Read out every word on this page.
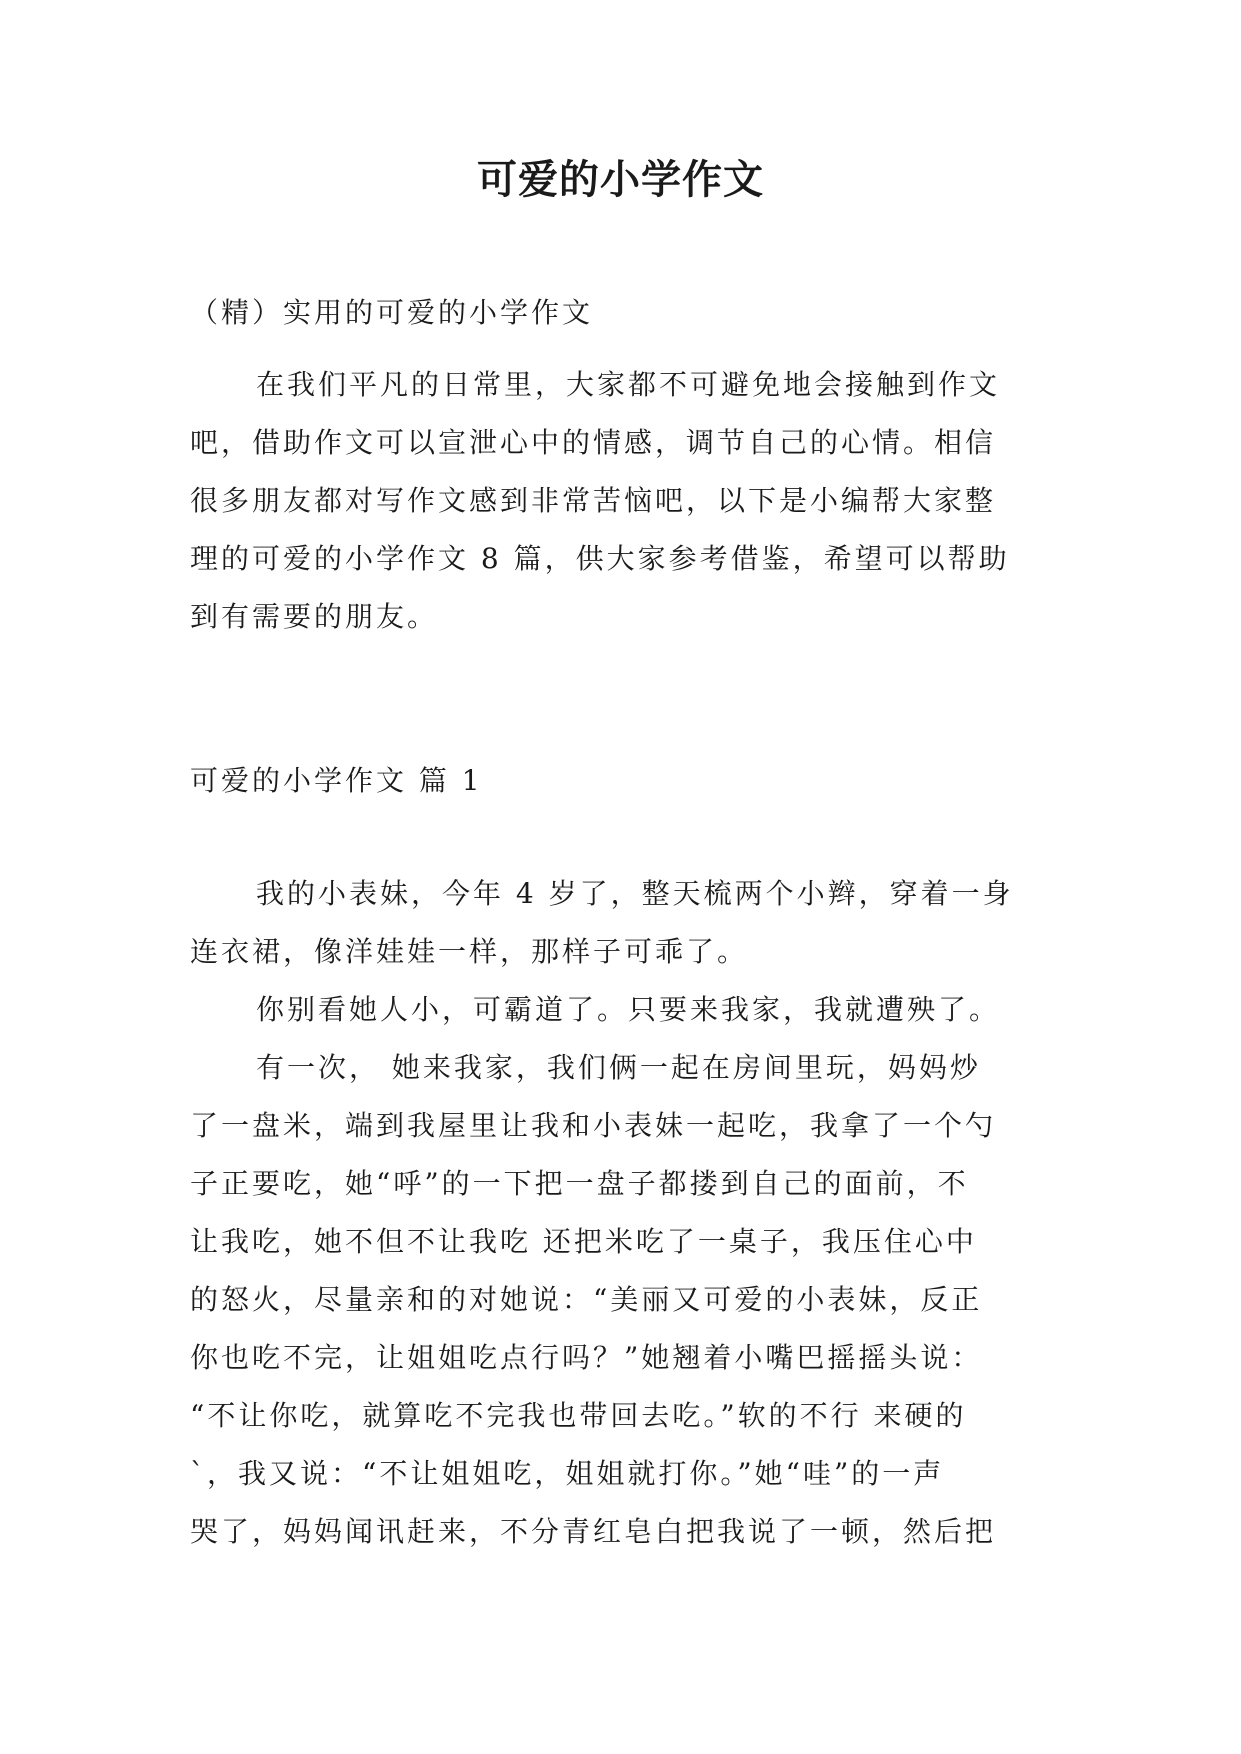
可爱的小学作文

（精）实用的可爱的小学作文

在我们平凡的日常里，大家都不可避免地会接触到作文
吧，借助作文可以宣泄心中的情感，调节自己的心情。相信
很多朋友都对写作文感到非常苦恼吧，以下是小编帮大家整
理的可爱的小学作文 8 篇，供大家参考借鉴，希望可以帮助
到有需要的朋友。

可爱的小学作文 篇 1

我的小表妹，今年 4 岁了，整天梳两个小辫，穿着一身
连衣裙，像洋娃娃一样，那样子可乖了。
你别看她人小，可霸道了。只要来我家，我就遭殃了。
有一次， 她来我家，我们俩一起在房间里玩，妈妈炒
了一盘米，端到我屋里让我和小表妹一起吃，我拿了一个勺
子正要吃，她“呼”的一下把一盘子都搂到自己的面前，不
让我吃，她不但不让我吃 还把米吃了一桌子，我压住心中
的怒火，尽量亲和的对她说：“美丽又可爱的小表妹，反正
你也吃不完，让姐姐吃点行吗？”她翘着小嘴巴摇摇头说：
“不让你吃，就算吃不完我也带回去吃。”软的不行 来硬的
`，我又说：“不让姐姐吃，姐姐就打你。”她“哇”的一声
哭了，妈妈闻讯赶来，不分青红皂白把我说了一顿，然后把
